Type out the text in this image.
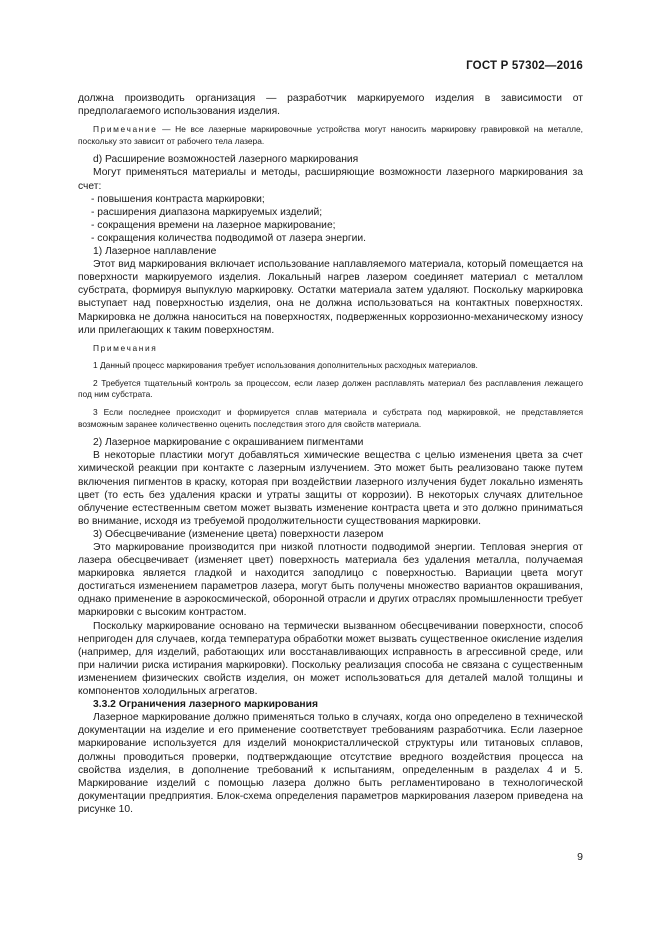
ГОСТ Р 57302—2016

должна производить организация — разработчик маркируемого изделия в зависимости от предполагаемого использования изделия.

Примечание — Не все лазерные маркировочные устройства могут наносить маркировку гравировкой на металле, поскольку это зависит от рабочего тела лазера.

d) Расширение возможностей лазерного маркирования

Могут применяться материалы и методы, расширяющие возможности лазерного маркирования за счет:

- повышения контраста маркировки;
- расширения диапазона маркируемых изделий;
- сокращения времени на лазерное маркирование;
- сокращения количества подводимой от лазера энергии.

1) Лазерное наплавление

Этот вид маркирования включает использование наплавляемого материала, который помещается на поверхности маркируемого изделия. Локальный нагрев лазером соединяет материал с металлом субстрата, формируя выпуклую маркировку. Остатки материала затем удаляют. Поскольку маркировка выступает над поверхностью изделия, она не должна использоваться на контактных поверхностях. Маркировка не должна наноситься на поверхностях, подверженных коррозионно-механическому износу или прилегающих к таким поверхностям.

Примечания

1 Данный процесс маркирования требует использования дополнительных расходных материалов.

2 Требуется тщательный контроль за процессом, если лазер должен расплавлять материал без расплавления лежащего под ним субстрата.

3 Если последнее происходит и формируется сплав материала и субстрата под маркировкой, не представляется возможным заранее количественно оценить последствия этого для свойств материала.

2) Лазерное маркирование с окрашиванием пигментами

В некоторые пластики могут добавляться химические вещества с целью изменения цвета за счет химической реакции при контакте с лазерным излучением. Это может быть реализовано также путем включения пигментов в краску, которая при воздействии лазерного излучения будет локально изменять цвет (то есть без удаления краски и утраты защиты от коррозии). В некоторых случаях длительное облучение естественным светом может вызвать изменение контраста цвета и это должно приниматься во внимание, исходя из требуемой продолжительности существования маркировки.

3) Обесцвечивание (изменение цвета) поверхности лазером

Это маркирование производится при низкой плотности подводимой энергии. Тепловая энергия от лазера обесцвечивает (изменяет цвет) поверхность материала без удаления металла, получаемая маркировка является гладкой и находится заподлицо с поверхностью. Вариации цвета могут достигаться изменением параметров лазера, могут быть получены множество вариантов окрашивания, однако применение в аэрокосмической, оборонной отрасли и других отраслях промышленности требует маркировки с высоким контрастом.

Поскольку маркирование основано на термически вызванном обесцвечивании поверхности, способ непригоден для случаев, когда температура обработки может вызвать существенное окисление изделия (например, для изделий, работающих или восстанавливающих исправность в агрессивной среде, или при наличии риска истирания маркировки). Поскольку реализация способа не связана с существенным изменением физических свойств изделия, он может использоваться для деталей малой толщины и компонентов холодильных агрегатов.

3.3.2 Ограничения лазерного маркирования

Лазерное маркирование должно применяться только в случаях, когда оно определено в технической документации на изделие и его применение соответствует требованиям разработчика. Если лазерное маркирование используется для изделий монокристаллической структуры или титановых сплавов, должны проводиться проверки, подтверждающие отсутствие вредного воздействия процесса на свойства изделия, в дополнение требований к испытаниям, определенным в разделах 4 и 5. Маркирование изделий с помощью лазера должно быть регламентировано в технологической документации предприятия. Блок-схема определения параметров маркирования лазером приведена на рисунке 10.

9
